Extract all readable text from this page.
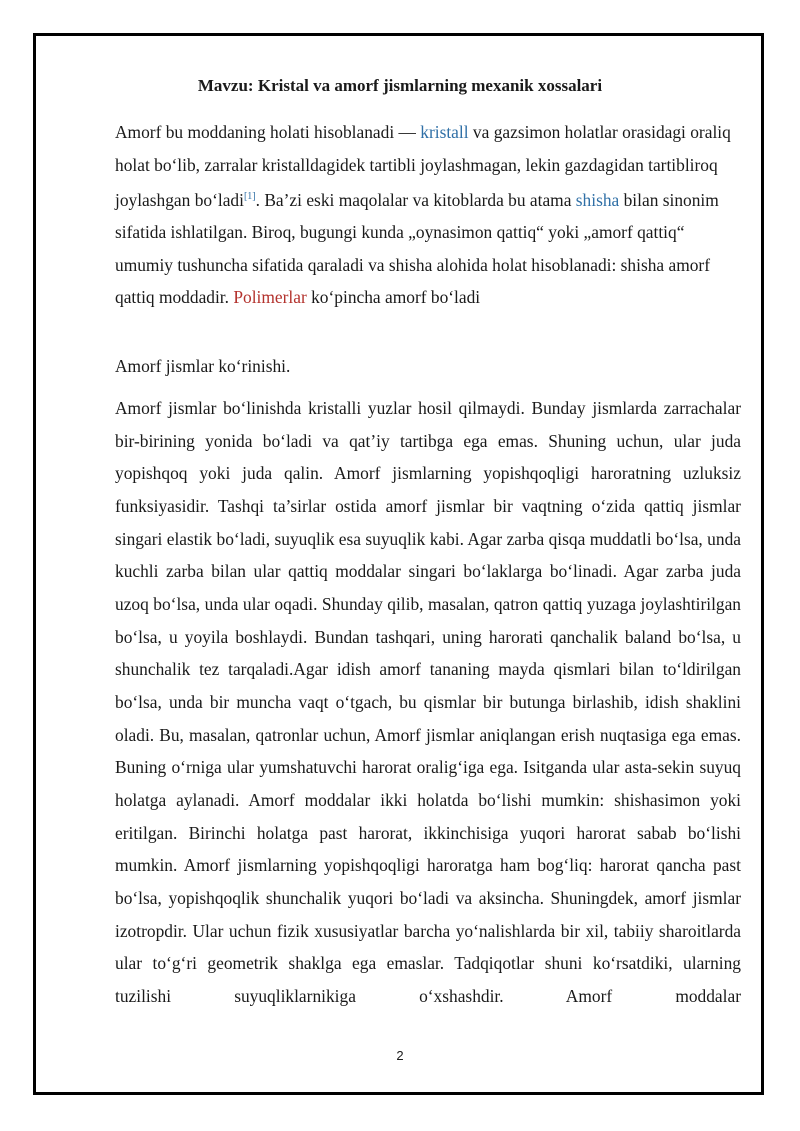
Mavzu: Kristal va amorf jismlarning mexanik xossalari

Amorf bu moddaning holati hisoblanadi — kristall va gazsimon holatlar orasidagi oraliq holat bo‘lib, zarralar kristalldagidek tartibli joylashmagan, lekin gazdagidan tartibliroq joylashgan bo‘ladi[1]. Ba’zi eski maqolalar va kitoblarda bu atama shisha bilan sinonim sifatida ishlatilgan. Biroq, bugungi kunda „oynasimon qattiq“ yoki „amorf qattiq“ umumiy tushuncha sifatida qaraladi va shisha alohida holat hisoblanadi: shisha amorf qattiq moddadir. Polimerlar ko‘pincha amorf bo‘ladi

Amorf jismlar ko‘rinishi.

Amorf jismlar bo‘linishda kristalli yuzlar hosil qilmaydi. Bunday jismlarda zarrachalar bir-birining yonida bo‘ladi va qat’iy tartibga ega emas. Shuning uchun, ular juda yopishqoq yoki juda qalin. Amorf jismlarning yopishqoqligi haroratning uzluksiz funksiyasidir. Tashqi ta’sirlar ostida amorf jismlar bir vaqtning o‘zida qattiq jismlar singari elastik bo‘ladi, suyuqlik esa suyuqlik kabi. Agar zarba qisqa muddatli bo‘lsa, unda kuchli zarba bilan ular qattiq moddalar singari bo‘laklarga bo‘linadi. Agar zarba juda uzoq bo‘lsa, unda ular oqadi. Shunday qilib, masalan, qatron qattiq yuzaga joylashtirilgan bo‘lsa, u yoyila boshlaydi. Bundan tashqari, uning harorati qanchalik baland bo‘lsa, u shunchalik tez tarqaladi.Agar idish amorf tananing mayda qismlari bilan to‘ldirilgan bo‘lsa, unda bir muncha vaqt o‘tgach, bu qismlar bir butunga birlashib, idish shaklini oladi. Bu, masalan, qatronlar uchun, Amorf jismlar aniqlangan erish nuqtasiga ega emas. Buning o‘rniga ular yumshatuvchi harorat oralig‘iga ega. Isitganda ular asta-sekin suyuq holatga aylanadi. Amorf moddalar ikki holatda bo‘lishi mumkin: shishasimon yoki eritilgan. Birinchi holatga past harorat, ikkinchisiga yuqori harorat sabab bo‘lishi mumkin. Amorf jismlarning yopishqoqligi haroratga ham bog‘liq: harorat qancha past bo‘lsa, yopishqoqlik shunchalik yuqori bo‘ladi va aksincha. Shuningdek, amorf jismlar izotropdir. Ular uchun fizik xususiyatlar barcha yo‘nalishlarda bir xil, tabiiy sharoitlarda ular to‘g‘ri geometrik shaklga ega emaslar. Tadqiqotlar shuni ko‘rsatdiki, ularning tuzilishi suyuqliklarnikiga o‘xshashdir. Amorf moddalar

2
